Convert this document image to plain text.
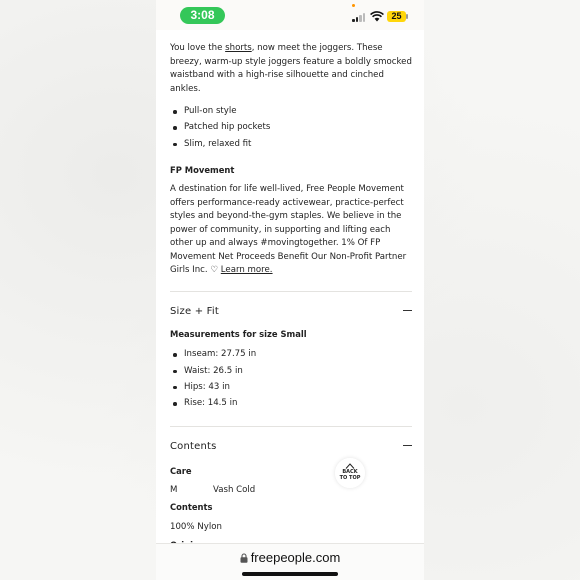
3:08	25

You love the shorts, now meet the joggers. These breezy, warm-up style joggers feature a boldly smocked waistband with a high-rise silhouette and cinched ankles.

Pull-on style
Patched hip pockets
Slim, relaxed fit
FP Movement

A destination for life well-lived, Free People Movement offers performance-ready activewear, practice-perfect styles and beyond-the-gym staples. We believe in the power of community, in supporting and lifting each other up and always #movingtogether. 1% Of FP Movement Net Proceeds Benefit Our Non-Profit Partner Girls Inc. ♡ Learn more.

Size + Fit
Measurements for size Small
Inseam: 27.75 in
Waist: 26.5 in
Hips: 43 in
Rise: 14.5 in
Contents
Care
M	Vash Cold
Contents
100% Nylon
BACK
TO TOP
freepeople.com
